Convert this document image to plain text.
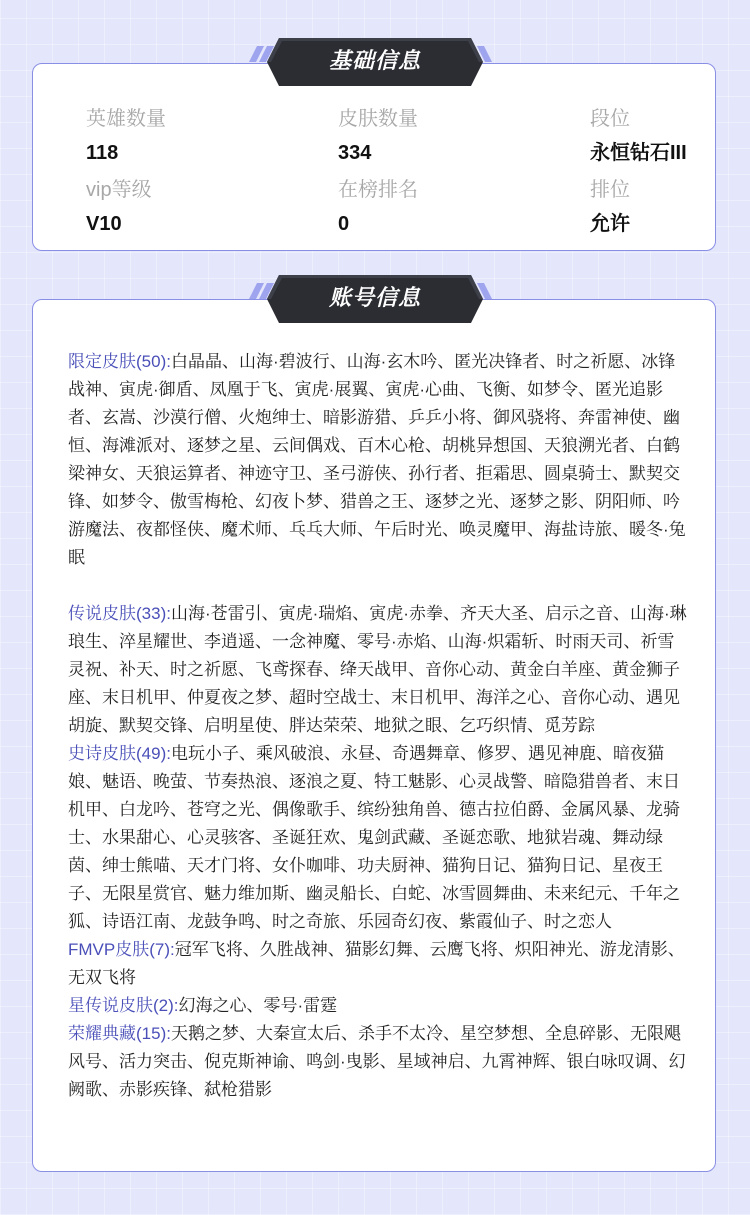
英雄数量
118
皮肤数量
334
段位
永恒钻石III
vip等级
V10
在榜排名
0
排位
允许
基础信息

限定皮肤(50):白晶晶、山海·碧波行、山海·玄木吟、匿光决锋者、时之祈愿、冰锋战神、寅虎·御盾、凤凰于飞、寅虎·展翼、寅虎·心曲、飞衡、如梦令、匿光追影者、玄嵩、沙漠行僧、火炮绅士、暗影游猎、乒乒小将、御风骁将、奔雷神使、幽恒、海滩派对、逐梦之星、云间偶戏、百木心枪、胡桃异想国、天狼溯光者、白鹤梁神女、天狼运算者、神迹守卫、圣弓游侠、孙行者、拒霜思、圆桌骑士、默契交锋、如梦令、傲雪梅枪、幻夜卜梦、猎兽之王、逐梦之光、逐梦之影、阴阳师、吟游魔法、夜都怪侠、魔术师、乓乓大师、午后时光、唤灵魔甲、海盐诗旅、暖冬·兔眠

传说皮肤(33):山海·苍雷引、寅虎·瑞焰、寅虎·赤拳、齐天大圣、启示之音、山海·琳琅生、淬星耀世、李逍遥、一念神魔、零号·赤焰、山海·炽霜斩、时雨天司、祈雪灵祝、补天、时之祈愿、飞鸢探春、绛天战甲、音你心动、黄金白羊座、黄金狮子座、末日机甲、仲夏夜之梦、超时空战士、末日机甲、海洋之心、音你心动、遇见胡旋、默契交锋、启明星使、胖达荣荣、地狱之眼、乞巧织情、觅芳踪

史诗皮肤(49):电玩小子、乘风破浪、永昼、奇遇舞章、修罗、遇见神鹿、暗夜猫娘、魅语、晚萤、节奏热浪、逐浪之夏、特工魅影、心灵战警、暗隐猎兽者、末日机甲、白龙吟、苍穹之光、偶像歌手、缤纷独角兽、德古拉伯爵、金属风暴、龙骑士、水果甜心、心灵骇客、圣诞狂欢、鬼剑武藏、圣诞恋歌、地狱岩魂、舞动绿茵、绅士熊喵、天才门将、女仆咖啡、功夫厨神、猫狗日记、猫狗日记、星夜王子、无限星赏官、魅力维加斯、幽灵船长、白蛇、冰雪圆舞曲、未来纪元、千年之狐、诗语江南、龙鼓争鸣、时之奇旅、乐园奇幻夜、紫霞仙子、时之恋人

FMVP皮肤(7):冠军飞将、久胜战神、猫影幻舞、云鹰飞将、炽阳神光、游龙清影、无双飞将

星传说皮肤(2):幻海之心、零号·雷霆

荣耀典藏(15):天鹅之梦、大秦宣太后、杀手不太冷、星空梦想、全息碎影、无限飓风号、活力突击、倪克斯神谕、鸣剑·曳影、星域神启、九霄神辉、银白咏叹调、幻阙歌、赤影疾锋、弑枪猎影

账号信息
